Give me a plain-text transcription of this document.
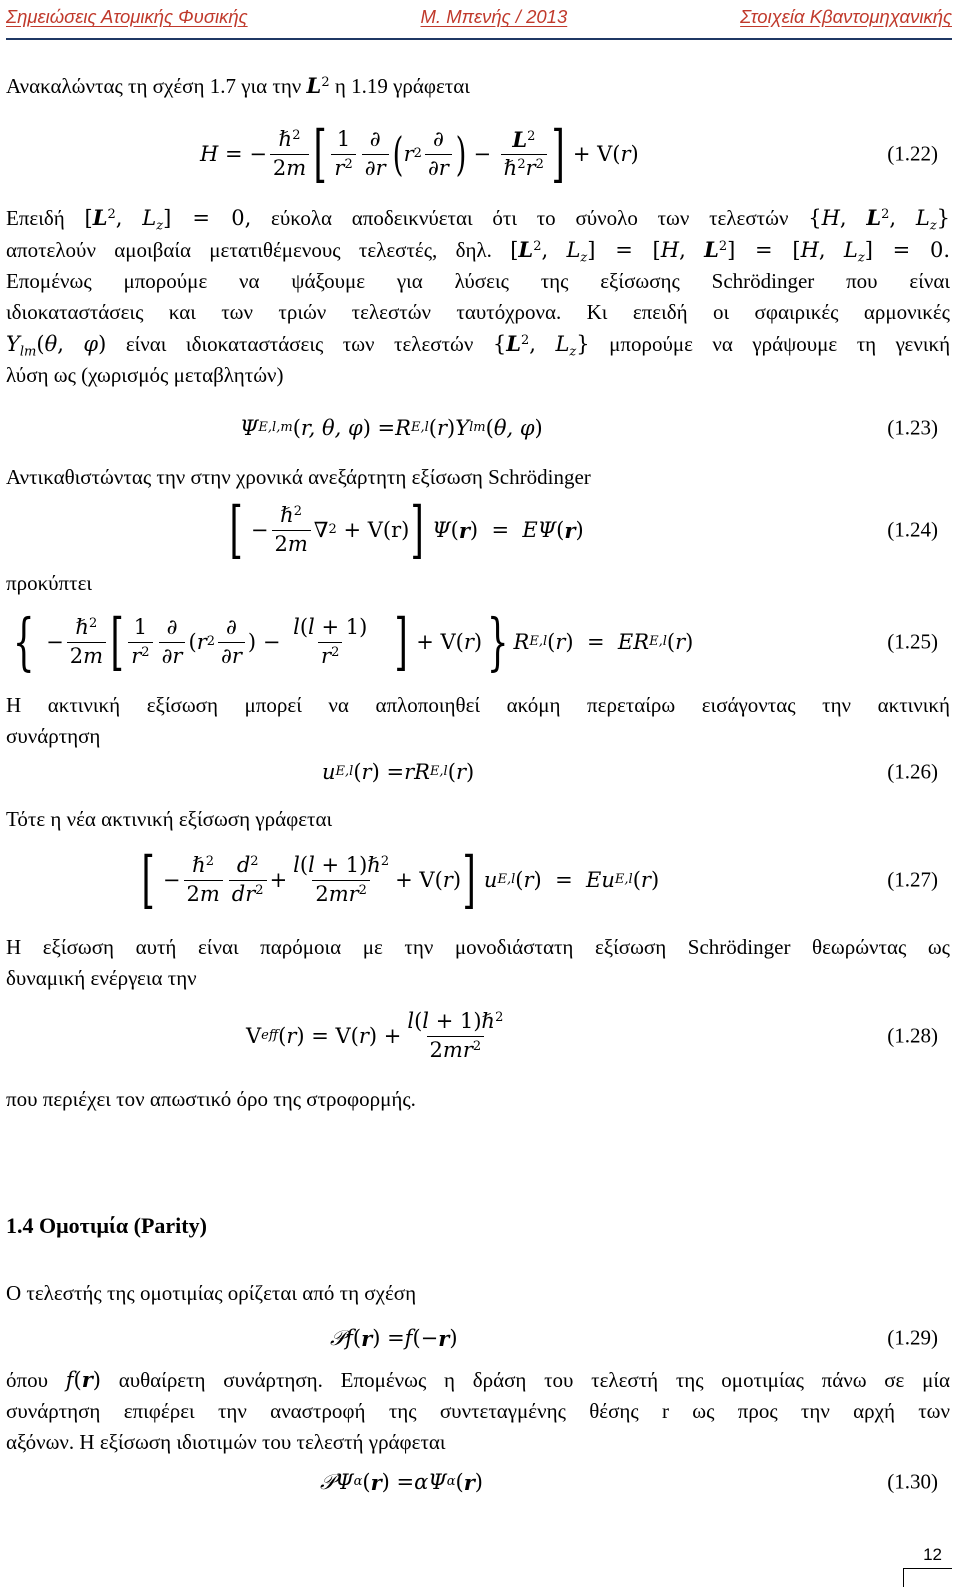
Σημειώσεις Ατομικής Φυσικής	Μ. Μπενής / 2013	Στοιχεία Κβαντομηχανικής
Ανακαλώντας τη σχέση 1.7 για την $L^2$ η 1.19 γράφεται
H
=
− $\frac{\hbar^2}{2m}$ [ $\frac{1}{r^2} \frac{\partial}{\partial r}$ ( r $2 \frac{\partial}{\partial r}$ )
−
$\frac{L^2}{\hbar^2r^2}$ ]
+ V( r )	(1.22)
Επειδή [$L^2$, $L_z] = 0$, εύκολα αποδεικνύεται ότι το σύνολο των τελεστών {H, $L^2$, $L_z$}
αποτελούν αμοιβαία μετατιθέμενους τελεστές, δηλ. [$L^2$, $L_z] = [H$, $L^2] = [H$, $L_z] = 0$.
Επομένως μπορούμε να ψάξουμε για λύσεις της εξίσωσης Schrödinger που είναι
ιδιοκαταστάσεις και των τριών τελεστών ταυτόχρονα. Κι επειδή οι σφαιρικές αρμονικές
$Y_{lm}(\theta$, φ) είναι ιδιοκαταστάσεις των τελεστών {$L^2$, $L_z$} μπορούμε να γράψουμε τη γενική
λύση ως (χωρισμός μεταβλητών)
Ψ E,l,m ( r, θ, φ ) = R E,l ( r ) Y lm ( θ, φ )	(1.23)
Αντικαθιστώντας την στην χρονικά ανεξάρτητη εξίσωση Schrödinger
[
− $\frac{\hbar^2}{2m}$ ∇ 2
+ V(r) ] Ψ ( r )
= EΨ ( r )	(1.24)
προκύπτει
{
− $\frac{\hbar^2}{2m}$ [ $\frac{1}{r^2} \frac{\partial}{\partial r}$ ( r $2 \frac{\partial}{\partial r}$ )
−
$\frac{l(l + 1)}{r^2}$
]
+ V( r ) } R E,l ( r )
= ER E,l ( r )	(1.25)
Η ακτινική εξίσωση μπορεί να απλοποιηθεί ακόμη περεταίρω εισάγοντας την ακτινική
συνάρτηση
u E,l ( r ) = rR E,l ( r )	(1.26)
Τότε η νέα ακτινική εξίσωση γράφεται
[
− $\frac{\hbar^2}{2m} \frac{d^2}{dr^2} + \frac{l(l + 1)\hbar^2}{2mr^2} + V$( r ) ] u E,l ( r )
= Eu E,l ( r )	(1.27)
Η εξίσωση αυτή είναι παρόμοια με την μονοδιάστατη εξίσωση Schrödinger θεωρώντας ως
δυναμική ενέργεια την
V eff ( r ) = V( r ) + $\frac{l(l + 1)\hbar^2}{2mr^2}$	(1.28)
που περιέχει τον απωστικό όρο της στροφορμής.
1.4 Ομοτιμία (Parity)
Ο τελεστής της ομοτιμίας ορίζεται από τη σχέση
𝒫f ( r ) = f (− r )	(1.29)
όπου f(r) αυθαίρετη συνάρτηση. Επομένως η δράση του τελεστή της ομοτιμίας πάνω σε μία
συνάρτηση επιφέρει την αναστροφή της συντεταγμένης θέσης r ως προς την αρχή των
αξόνων. Η εξίσωση ιδιοτιμών του τελεστή γράφεται
𝒫Ψ α ( r ) = αΨ α ( r )	(1.30)
12
